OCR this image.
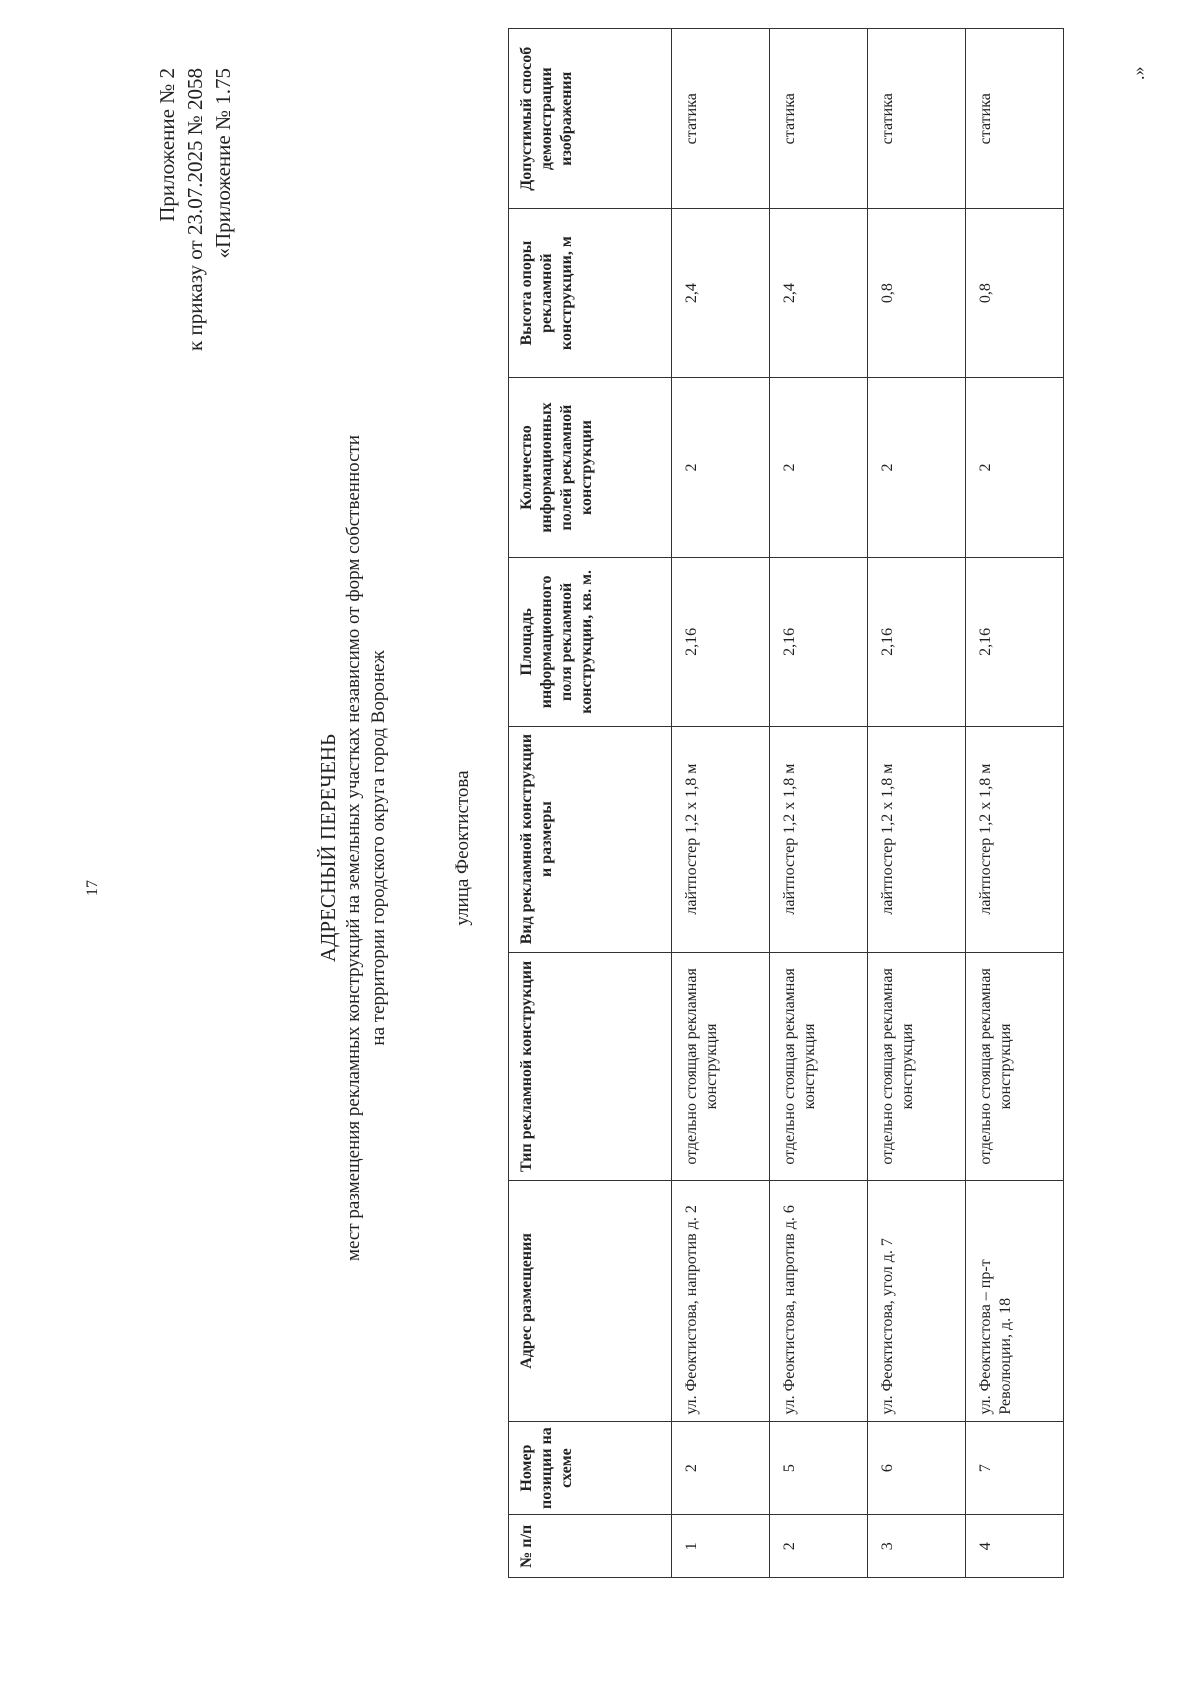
17
Приложение № 2 к приказу от 23.07.2025 № 2058 «Приложение № 1.75
АДРЕСНЫЙ ПЕРЕЧЕНЬ мест размещения рекламных конструкций на земельных участках независимо от форм собственности на территории городского округа город Воронеж	улица Феоктистова
№ п/п	Номер позиции на схеме	Адрес размещения	Тип рекламной конструкции	Вид рекламной конструкции и размеры	Площадь информационного поля рекламной конструкции, кв. м.	Количество информационных полей рекламной конструкции	Высота опоры рекламной конструкции, м	Допустимый способ демонстрации изображения
1	2	ул. Феоктистова, напротив д. 2	отдельно стоящая рекламная конструкция	лайтпостер 1,2 х 1,8 м	2,16	2	2,4	статика
2	5	ул. Феоктистова, напротив д. 6	отдельно стоящая рекламная конструкция	лайтпостер 1,2 х 1,8 м	2,16	2	2,4	статика
3	6	ул. Феоктистова, угол д. 7	отдельно стоящая рекламная конструкция	лайтпостер 1,2 х 1,8 м	2,16	2	0,8	статика
4	7	ул. Феоктистова – пр-т Революции, д. 18	отдельно стоящая рекламная конструкция	лайтпостер 1,2 х 1,8 м	2,16	2	0,8	статика
.»
